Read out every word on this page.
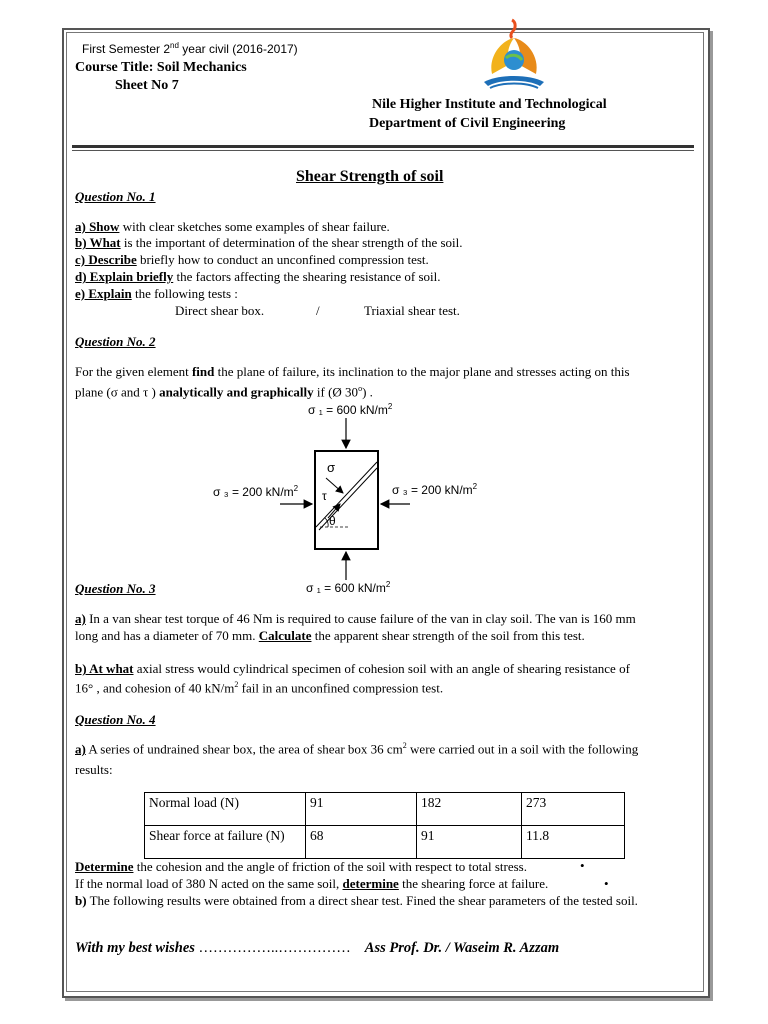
First Semester 2nd year civil (2016-2017)
Course Title: Soil Mechanics
Sheet No 7
Nile Higher Institute and Technological
Department of Civil Engineering
Shear Strength of soil
Question No. 1
a) Show with clear sketches some examples of shear failure.
b) What is the important of determination of the shear strength of the soil.
c) Describe briefly how to conduct an unconfined compression test.
d) Explain briefly the factors affecting the shearing resistance of soil.
e) Explain the following tests :
Direct shear box.	/	Triaxial shear test.
Question No. 2
For the given element find the plane of failure, its inclination to the major plane and stresses acting on this
plane (σ and τ ) analytically and graphically if (Ø 30$^o$) .
σ ₁ = 600 $kN/m^2$
σ ₃ = 200 $kN/m^2$	σ ₃ = 200 $kN/m^2$
σ ₁ = 600 $kN/m^2$
σ
τ
θ
Question No. 3
a) In a van shear test torque of 46 Nm is required to cause failure of the van in clay soil. The van is 160 mm
long and has a diameter of 70 mm. Calculate the apparent shear strength of the soil from this test.
b) At what axial stress would cylindrical specimen of cohesion soil with an angle of shearing resistance of
16° , and cohesion of 40 $kN/m^2$ fail in an unconfined compression test.
Question No. 4
a) A series of undrained shear box, the area of shear box 36 $cm^2$ were carried out in a soil with the following
results:
Normal load (N)	91	182	273
Shear force at failure (N)	68	91	11.8
Determine the cohesion and the angle of friction of the soil with respect to total stress.	•
If the normal load of 380 N acted on the same soil, determine the shearing force at failure.	•
b) The following results were obtained from a direct shear test. Fined the shear parameters of the tested soil.
With my best wishes ……………..…………… Ass Prof. Dr. / Waseim R. Azzam
